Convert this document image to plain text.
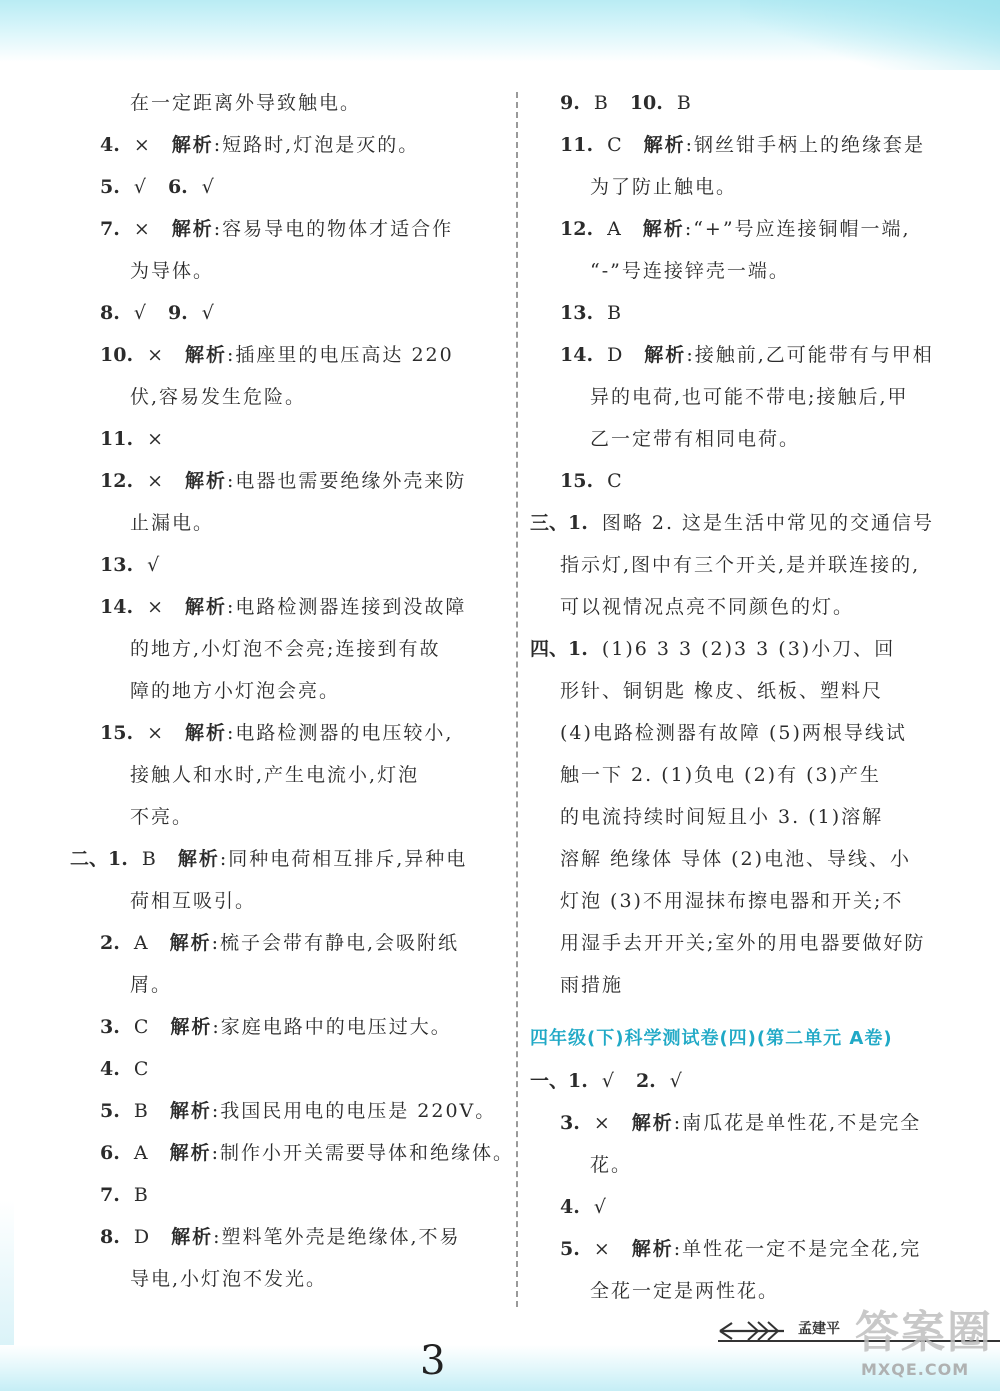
在一定距离外导致触电。
4. × 解析:短路时,灯泡是灭的。
5. √ 6. √
7. × 解析:容易导电的物体才适合作
为导体。
8. √ 9. √
10. × 解析:插座里的电压高达 220
伏,容易发生危险。
11. ×
12. × 解析:电器也需要绝缘外壳来防
止漏电。
13. √
14. × 解析:电路检测器连接到没故障
的地方,小灯泡不会亮;连接到有故
障的地方小灯泡会亮。
15. × 解析:电路检测器的电压较小,
接触人和水时,产生电流小,灯泡
不亮。
二、1. B 解析:同种电荷相互排斥,异种电
荷相互吸引。
2. A 解析:梳子会带有静电,会吸附纸
屑。
3. C 解析:家庭电路中的电压过大。
4. C
5. B 解析:我国民用电的电压是 220V。
6. A 解析:制作小开关需要导体和绝缘体。
7. B
8. D 解析:塑料笔外壳是绝缘体,不易
导电,小灯泡不发光。
9. B 10. B
11. C 解析:钢丝钳手柄上的绝缘套是
为了防止触电。
12. A 解析:“+”号应连接铜帽一端,
“-”号连接锌壳一端。
13. B
14. D 解析:接触前,乙可能带有与甲相
异的电荷,也可能不带电;接触后,甲
乙一定带有相同电荷。
15. C
三、1. 图略 2. 这是生活中常见的交通信号
指示灯,图中有三个开关,是并联连接的,
可以视情况点亮不同颜色的灯。
四、1. (1)6 3 3 (2)3 3 (3)小刀、回
形针、铜钥匙 橡皮、纸板、塑料尺
(4)电路检测器有故障 (5)两根导线试
触一下 2. (1)负电 (2)有 (3)产生
的电流持续时间短且小 3. (1)溶解
溶解 绝缘体 导体 (2)电池、导线、小
灯泡 (3)不用湿抹布擦电器和开关;不
用湿手去开开关;室外的用电器要做好防
雨措施
四年级(下)科学测试卷(四)(第二单元 A卷)
一、1. √ 2. √
3. × 解析:南瓜花是单性花,不是完全
花。
4. √
5. × 解析:单性花一定不是完全花,完
全花一定是两性花。
孟建平
3
答案圈
MXQE.COM
